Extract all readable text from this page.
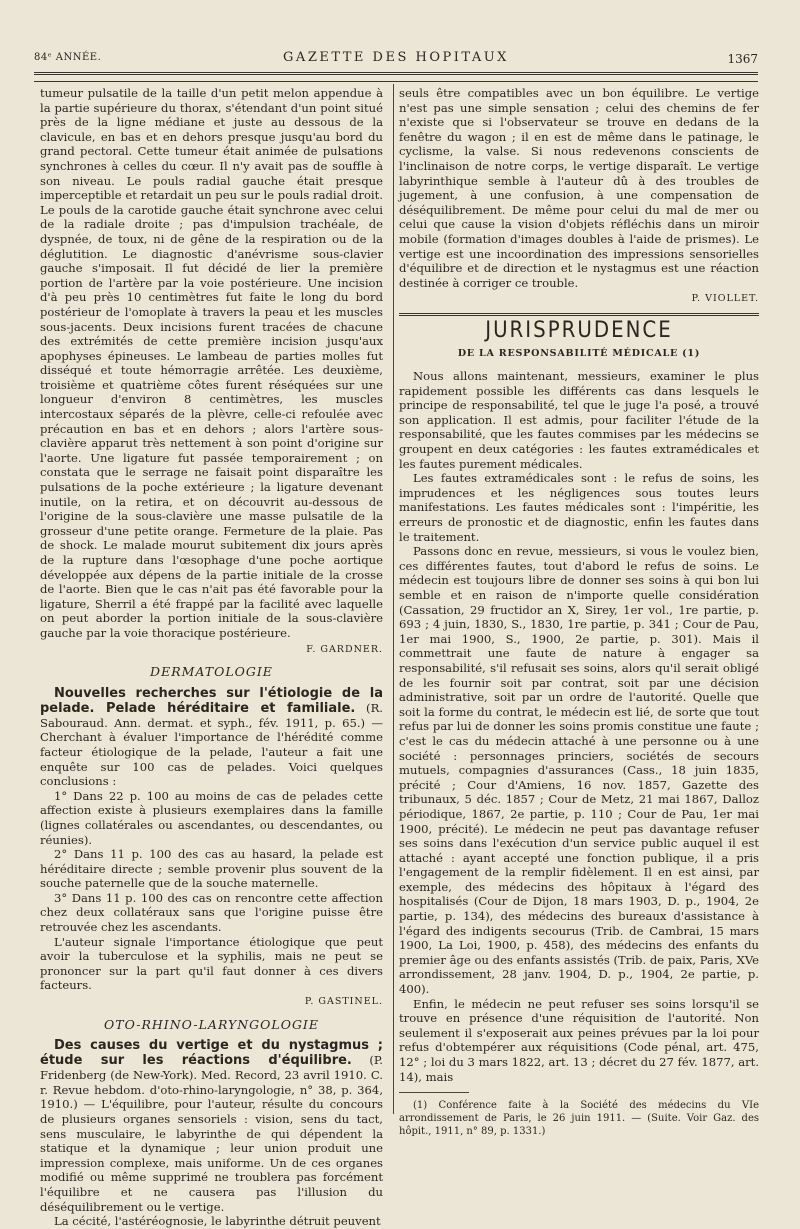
84ᵉ ANNÉE.	GAZETTE DES HOPITAUX	1367

tumeur pulsatile de la taille d'un petit melon appendue à la partie supérieure du thorax, s'étendant d'un point situé près de la ligne médiane et juste au dessous de la clavicule, en bas et en dehors presque jusqu'au bord du grand pectoral. Cette tumeur était animée de pulsations synchrones à celles du cœur. Il n'y avait pas de souffle à son niveau. Le pouls radial gauche était presque imperceptible et retardait un peu sur le pouls radial droit. Le pouls de la carotide gauche était synchrone avec celui de la radiale droite ; pas d'impulsion trachéale, de dyspnée, de toux, ni de gêne de la respiration ou de la déglutition. Le diagnostic d'anévrisme sous-clavier gauche s'imposait. Il fut décidé de lier la première portion de l'artère par la voie postérieure. Une incision d'à peu près 10 centimètres fut faite le long du bord postérieur de l'omoplate à travers la peau et les muscles sous-jacents. Deux incisions furent tracées de chacune des extrémités de cette première incision jusqu'aux apophyses épineuses. Le lambeau de parties molles fut disséqué et toute hémorragie arrêtée. Les deuxième, troisième et quatrième côtes furent réséquées sur une longueur d'environ 8 centimètres, les muscles intercostaux séparés de la plèvre, celle-ci refoulée avec précaution en bas et en dehors ; alors l'artère sous-clavière apparut très nettement à son point d'origine sur l'aorte. Une ligature fut passée temporairement ; on constata que le serrage ne faisait point disparaître les pulsations de la poche extérieure ; la ligature devenant inutile, on la retira, et on découvrit au-dessous de l'origine de la sous-clavière une masse pulsatile de la grosseur d'une petite orange. Fermeture de la plaie. Pas de shock. Le malade mourut subitement dix jours après de la rupture dans l'œsophage d'une poche aortique développée aux dépens de la partie initiale de la crosse de l'aorte. Bien que le cas n'ait pas été favorable pour la ligature, Sherril a été frappé par la facilité avec laquelle on peut aborder la portion initiale de la sous-clavière gauche par la voie thoracique postérieure.

F. GARDNER.
DERMATOLOGIE

Nouvelles recherches sur l'étiologie de la pelade. Pelade héréditaire et familiale. (R. Sabouraud. Ann. dermat. et syph., fév. 1911, p. 65.) — Cherchant à évaluer l'importance de l'hérédité comme facteur étiologique de la pelade, l'auteur a fait une enquête sur 100 cas de pelades. Voici quelques conclusions :

1° Dans 22 p. 100 au moins de cas de pelades cette affection existe à plusieurs exemplaires dans la famille (lignes collatérales ou ascendantes, ou descendantes, ou réunies).

2° Dans 11 p. 100 des cas au hasard, la pelade est héréditaire directe ; semble provenir plus souvent de la souche paternelle que de la souche maternelle.

3° Dans 11 p. 100 des cas on rencontre cette affection chez deux collatéraux sans que l'origine puisse être retrouvée chez les ascendants.

L'auteur signale l'importance étiologique que peut avoir la tuberculose et la syphilis, mais ne peut se prononcer sur la part qu'il faut donner à ces divers facteurs.

P. GASTINEL.
OTO-RHINO-LARYNGOLOGIE

Des causes du vertige et du nystagmus ; étude sur les réactions d'équilibre. (P. Fridenberg (de New-York). Med. Record, 23 avril 1910. C. r. Revue hebdom. d'oto-rhino-laryngologie, n° 38, p. 364, 1910.) — L'équilibre, pour l'auteur, résulte du concours de plusieurs organes sensoriels : vision, sens du tact, sens musculaire, le labyrinthe de qui dépendent la statique et la dynamique ; leur union produit une impression complexe, mais uniforme. Un de ces organes modifié ou même supprimé ne troublera pas forcément l'équilibre et ne causera pas l'illusion du déséquilibrement ou le vertige.

La cécité, l'astéréognosie, le labyrinthe détruit peuvent

seuls être compatibles avec un bon équilibre. Le vertige n'est pas une simple sensation ; celui des chemins de fer n'existe que si l'observateur se trouve en dedans de la fenêtre du wagon ; il en est de même dans le patinage, le cyclisme, la valse. Si nous redevenons conscients de l'inclinaison de notre corps, le vertige disparaît. Le vertige labyrinthique semble à l'auteur dû à des troubles de jugement, à une confusion, à une compensation de déséquilibrement. De même pour celui du mal de mer ou celui que cause la vision d'objets réfléchis dans un miroir mobile (formation d'images doubles à l'aide de prismes). Le vertige est une incoordination des impressions sensorielles d'équilibre et de direction et le nystagmus est une réaction destinée à corriger ce trouble.

P. VIOLLET.
JURISPRUDENCE
DE LA RESPONSABILITÉ MÉDICALE (1)

Nous allons maintenant, messieurs, examiner le plus rapidement possible les différents cas dans lesquels le principe de responsabilité, tel que le juge l'a posé, a trouvé son application. Il est admis, pour faciliter l'étude de la responsabilité, que les fautes commises par les médecins se groupent en deux catégories : les fautes extramédicales et les fautes purement médicales.

Les fautes extramédicales sont : le refus de soins, les imprudences et les négligences sous toutes leurs manifestations. Les fautes médicales sont : l'impéritie, les erreurs de pronostic et de diagnostic, enfin les fautes dans le traitement.

Passons donc en revue, messieurs, si vous le voulez bien, ces différentes fautes, tout d'abord le refus de soins. Le médecin est toujours libre de donner ses soins à qui bon lui semble et en raison de n'importe quelle considération (Cassation, 29 fructidor an X, Sirey, 1er vol., 1re partie, p. 693 ; 4 juin, 1830, S., 1830, 1re partie, p. 341 ; Cour de Pau, 1er mai 1900, S., 1900, 2e partie, p. 301). Mais il commettrait une faute de nature à engager sa responsabilité, s'il refusait ses soins, alors qu'il serait obligé de les fournir soit par contrat, soit par une décision administrative, soit par un ordre de l'autorité. Quelle que soit la forme du contrat, le médecin est lié, de sorte que tout refus par lui de donner les soins promis constitue une faute ; c'est le cas du médecin attaché à une personne ou à une société : personnages princiers, sociétés de secours mutuels, compagnies d'assurances (Cass., 18 juin 1835, précité ; Cour d'Amiens, 16 nov. 1857, Gazette des tribunaux, 5 déc. 1857 ; Cour de Metz, 21 mai 1867, Dalloz périodique, 1867, 2e partie, p. 110 ; Cour de Pau, 1er mai 1900, précité). Le médecin ne peut pas davantage refuser ses soins dans l'exécution d'un service public auquel il est attaché : ayant accepté une fonction publique, il a pris l'engagement de la remplir fidèlement. Il en est ainsi, par exemple, des médecins des hôpitaux à l'égard des hospitalisés (Cour de Dijon, 18 mars 1903, D. p., 1904, 2e partie, p. 134), des médecins des bureaux d'assistance à l'égard des indigents secourus (Trib. de Cambrai, 15 mars 1900, La Loi, 1900, p. 458), des médecins des enfants du premier âge ou des enfants assistés (Trib. de paix, Paris, XVe arrondissement, 28 janv. 1904, D. p., 1904, 2e partie, p. 400).

Enfin, le médecin ne peut refuser ses soins lorsqu'il se trouve en présence d'une réquisition de l'autorité. Non seulement il s'exposerait aux peines prévues par la loi pour refus d'obtempérer aux réquisitions (Code pénal, art. 475, 12° ; loi du 3 mars 1822, art. 13 ; décret du 27 fév. 1877, art. 14), mais

(1) Conférence faite à la Société des médecins du VIe arrondissement de Paris, le 26 juin 1911. — (Suite. Voir Gaz. des hôpit., 1911, n° 89, p. 1331.)
